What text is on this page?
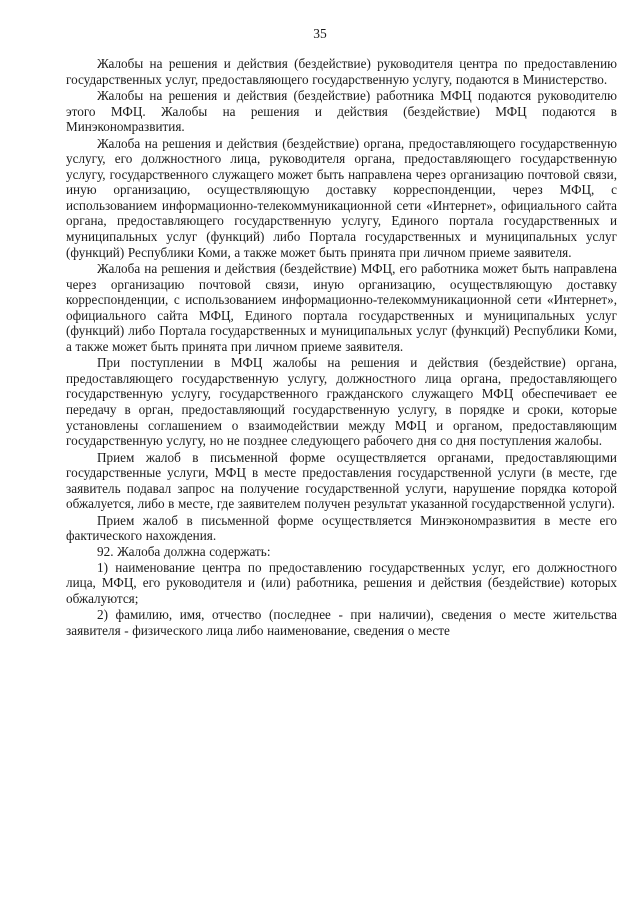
35

Жалобы на решения и действия (бездействие) руководителя центра по предоставлению государственных услуг, предоставляющего государственную услугу, подаются в Министерство.

Жалобы на решения и действия (бездействие) работника МФЦ подаются руководителю этого МФЦ. Жалобы на решения и действия (бездействие) МФЦ подаются в Минэкономразвития.

Жалоба на решения и действия (бездействие) органа, предоставляющего государственную услугу, его должностного лица, руководителя органа, предоставляющего государственную услугу, государственного служащего может быть направлена через организацию почтовой связи, иную организацию, осуществляющую доставку корреспонденции, через МФЦ, с использованием информационно-телекоммуникационной сети «Интернет», официального сайта органа, предоставляющего государственную услугу, Единого портала государственных и муниципальных услуг (функций) либо Портала государственных и муниципальных услуг (функций) Республики Коми, а также может быть принята при личном приеме заявителя.

Жалоба на решения и действия (бездействие) МФЦ, его работника может быть направлена через организацию почтовой связи, иную организацию, осуществляющую доставку корреспонденции, с использованием информационно-телекоммуникационной сети «Интернет», официального сайта МФЦ, Единого портала государственных и муниципальных услуг (функций) либо Портала государственных и муниципальных услуг (функций) Республики Коми, а также может быть принята при личном приеме заявителя.

При поступлении в МФЦ жалобы на решения и действия (бездействие) органа, предоставляющего государственную услугу, должностного лица органа, предоставляющего государственную услугу, государственного гражданского служащего МФЦ обеспечивает ее передачу в орган, предоставляющий государственную услугу, в порядке и сроки, которые установлены соглашением о взаимодействии между МФЦ и органом, предоставляющим государственную услугу, но не позднее следующего рабочего дня со дня поступления жалобы.

Прием жалоб в письменной форме осуществляется органами, предоставляющими государственные услуги, МФЦ в месте предоставления государственной услуги (в месте, где заявитель подавал запрос на получение государственной услуги, нарушение порядка которой обжалуется, либо в месте, где заявителем получен результат указанной государственной услуги).

Прием жалоб в письменной форме осуществляется Минэкономразвития в месте его фактического нахождения.

92. Жалоба должна содержать:

1) наименование центра по предоставлению государственных услуг, его должностного лица, МФЦ, его руководителя и (или) работника, решения и действия (бездействие) которых обжалуются;

2) фамилию, имя, отчество (последнее - при наличии), сведения о месте жительства заявителя - физического лица либо наименование, сведения о месте
